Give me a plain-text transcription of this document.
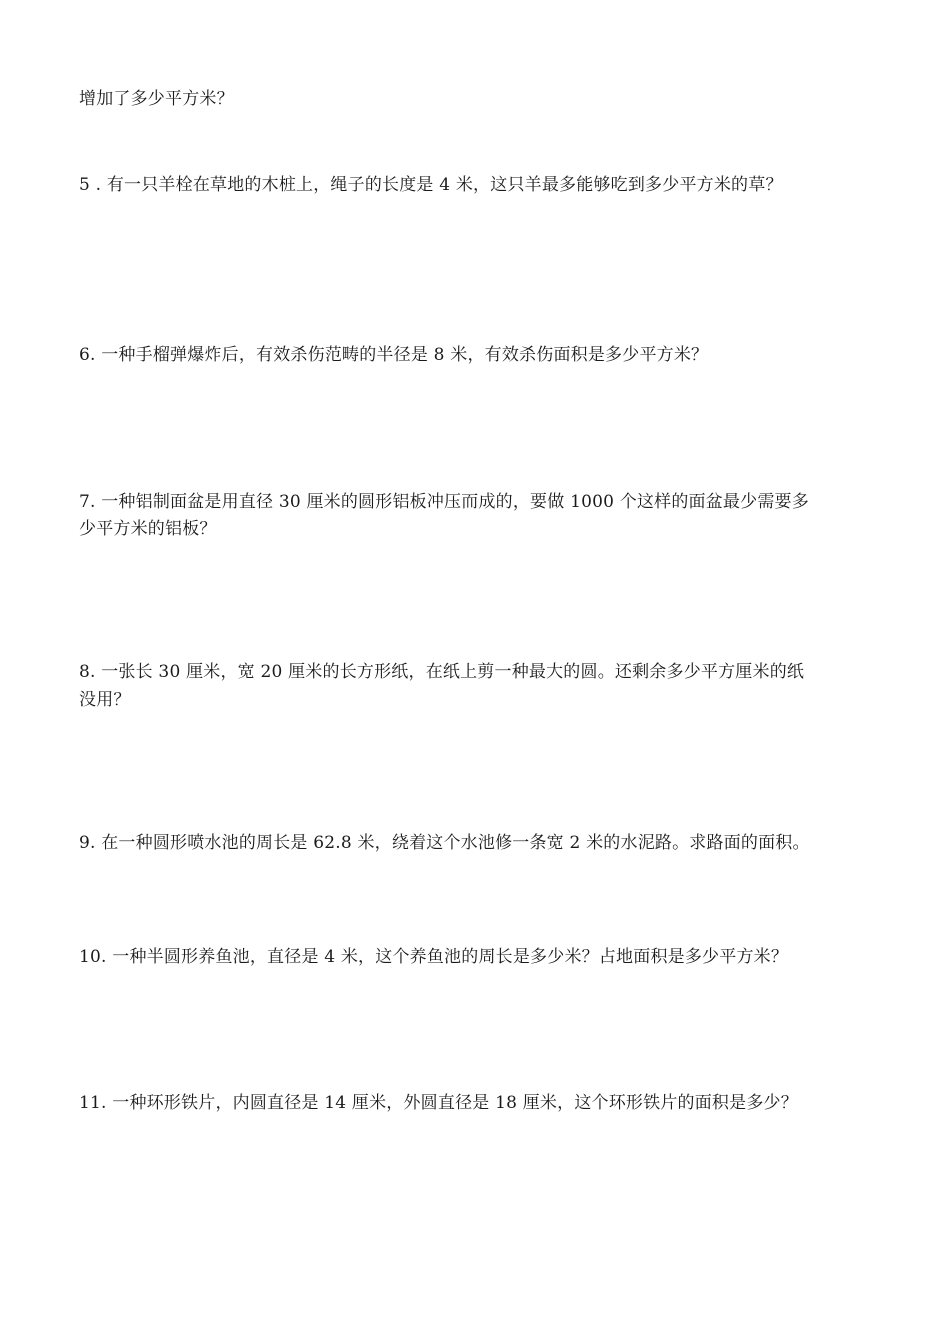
增加了多少平方米？
5 . 有一只羊栓在草地的木桩上，绳子的长度是 4 米，这只羊最多能够吃到多少平方米的草？
6. 一种手榴弹爆炸后，有效杀伤范畴的半径是 8 米，有效杀伤面积是多少平方米？
7. 一种铝制面盆是用直径 30 厘米的圆形铝板冲压而成的，要做 1000 个这样的面盆最少需要多
少平方米的铝板？
8. 一张长 30 厘米，宽 20 厘米的长方形纸，在纸上剪一种最大的圆。还剩余多少平方厘米的纸
没用？
9. 在一种圆形喷水池的周长是 62.8 米，绕着这个水池修一条宽 2 米的水泥路。求路面的面积。
10. 一种半圆形养鱼池，直径是 4 米，这个养鱼池的周长是多少米？占地面积是多少平方米？
11. 一种环形铁片，内圆直径是 14 厘米，外圆直径是 18 厘米，这个环形铁片的面积是多少？
